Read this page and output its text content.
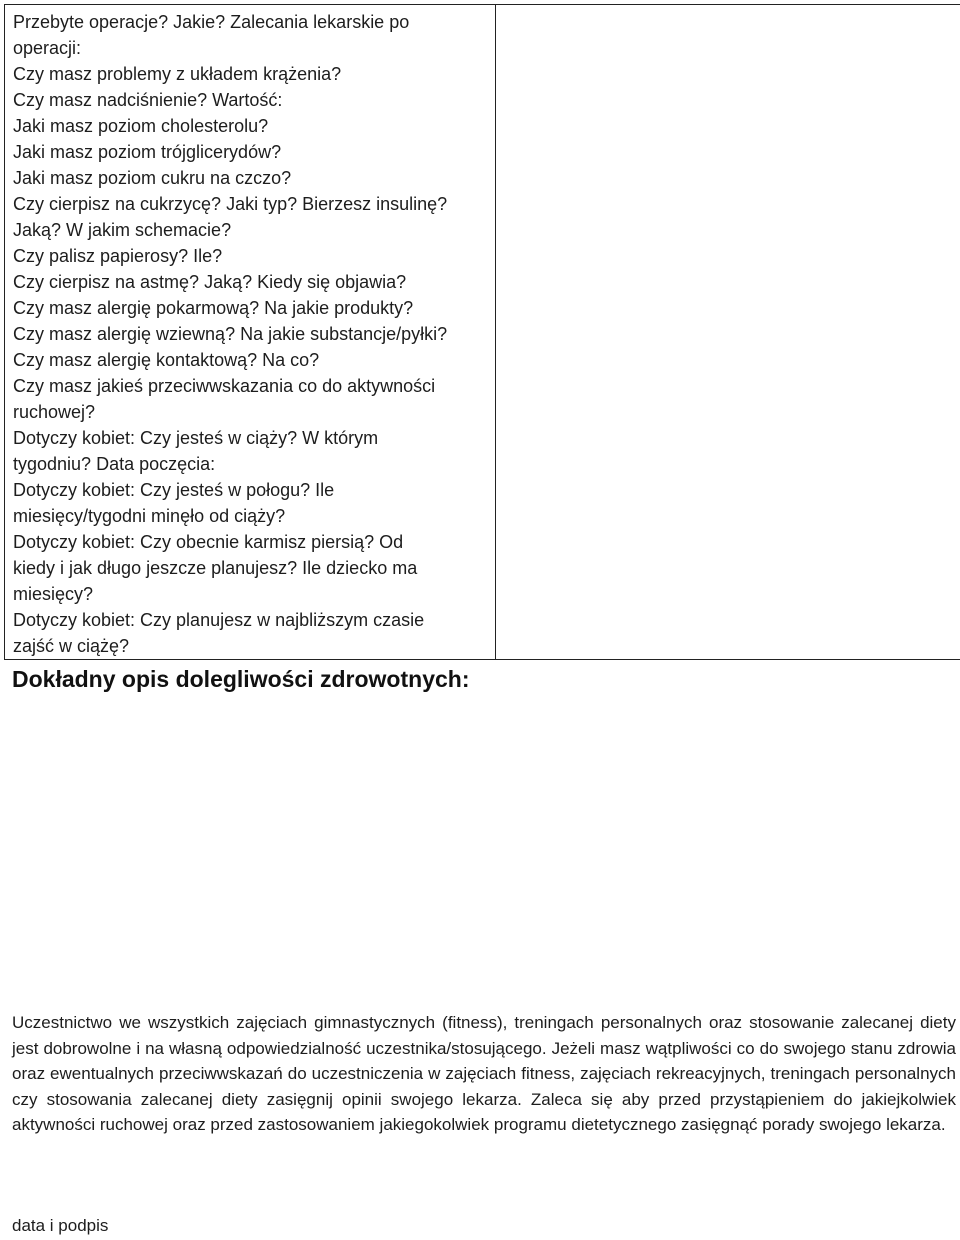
Przebyte operacje? Jakie? Zalecania lekarskie po

operacji:

Czy masz problemy z układem krążenia?

Czy masz nadciśnienie? Wartość:

Jaki masz poziom cholesterolu?

Jaki masz poziom trójglicerydów?

Jaki masz poziom cukru na czczo?

Czy cierpisz na cukrzycę? Jaki typ? Bierzesz insulinę?

Jaką? W jakim schemacie?

Czy palisz papierosy? Ile?

Czy cierpisz na astmę? Jaką? Kiedy się objawia?

Czy masz alergię pokarmową? Na jakie produkty?

Czy masz alergię wziewną? Na jakie substancje/pyłki?

Czy masz alergię kontaktową? Na co?

Czy masz jakieś przeciwwskazania co do aktywności

ruchowej?

Dotyczy kobiet: Czy jesteś w ciąży? W którym

tygodniu? Data poczęcia:

Dotyczy kobiet: Czy jesteś w połogu? Ile

miesięcy/tygodni minęło od ciąży?

Dotyczy kobiet: Czy obecnie karmisz piersią? Od

kiedy i jak długo jeszcze planujesz? Ile dziecko ma

miesięcy?

Dotyczy kobiet: Czy planujesz w najbliższym czasie

zajść w ciążę?

Dokładny opis dolegliwości zdrowotnych:

Uczestnictwo we wszystkich zajęciach gimnastycznych (fitness), treningach personalnych oraz stosowanie zalecanej diety jest dobrowolne i na własną odpowiedzialność uczestnika/stosującego. Jeżeli masz wątpliwości co do swojego stanu zdrowia oraz ewentualnych przeciwwskazań do uczestniczenia w zajęciach fitness, zajęciach rekreacyjnych, treningach personalnych czy stosowania zalecanej diety zasięgnij opinii swojego lekarza. Zaleca się aby przed przystąpieniem do jakiejkolwiek aktywności ruchowej oraz przed zastosowaniem jakiegokolwiek programu dietetycznego zasięgnąć porady swojego lekarza.

data i podpis
